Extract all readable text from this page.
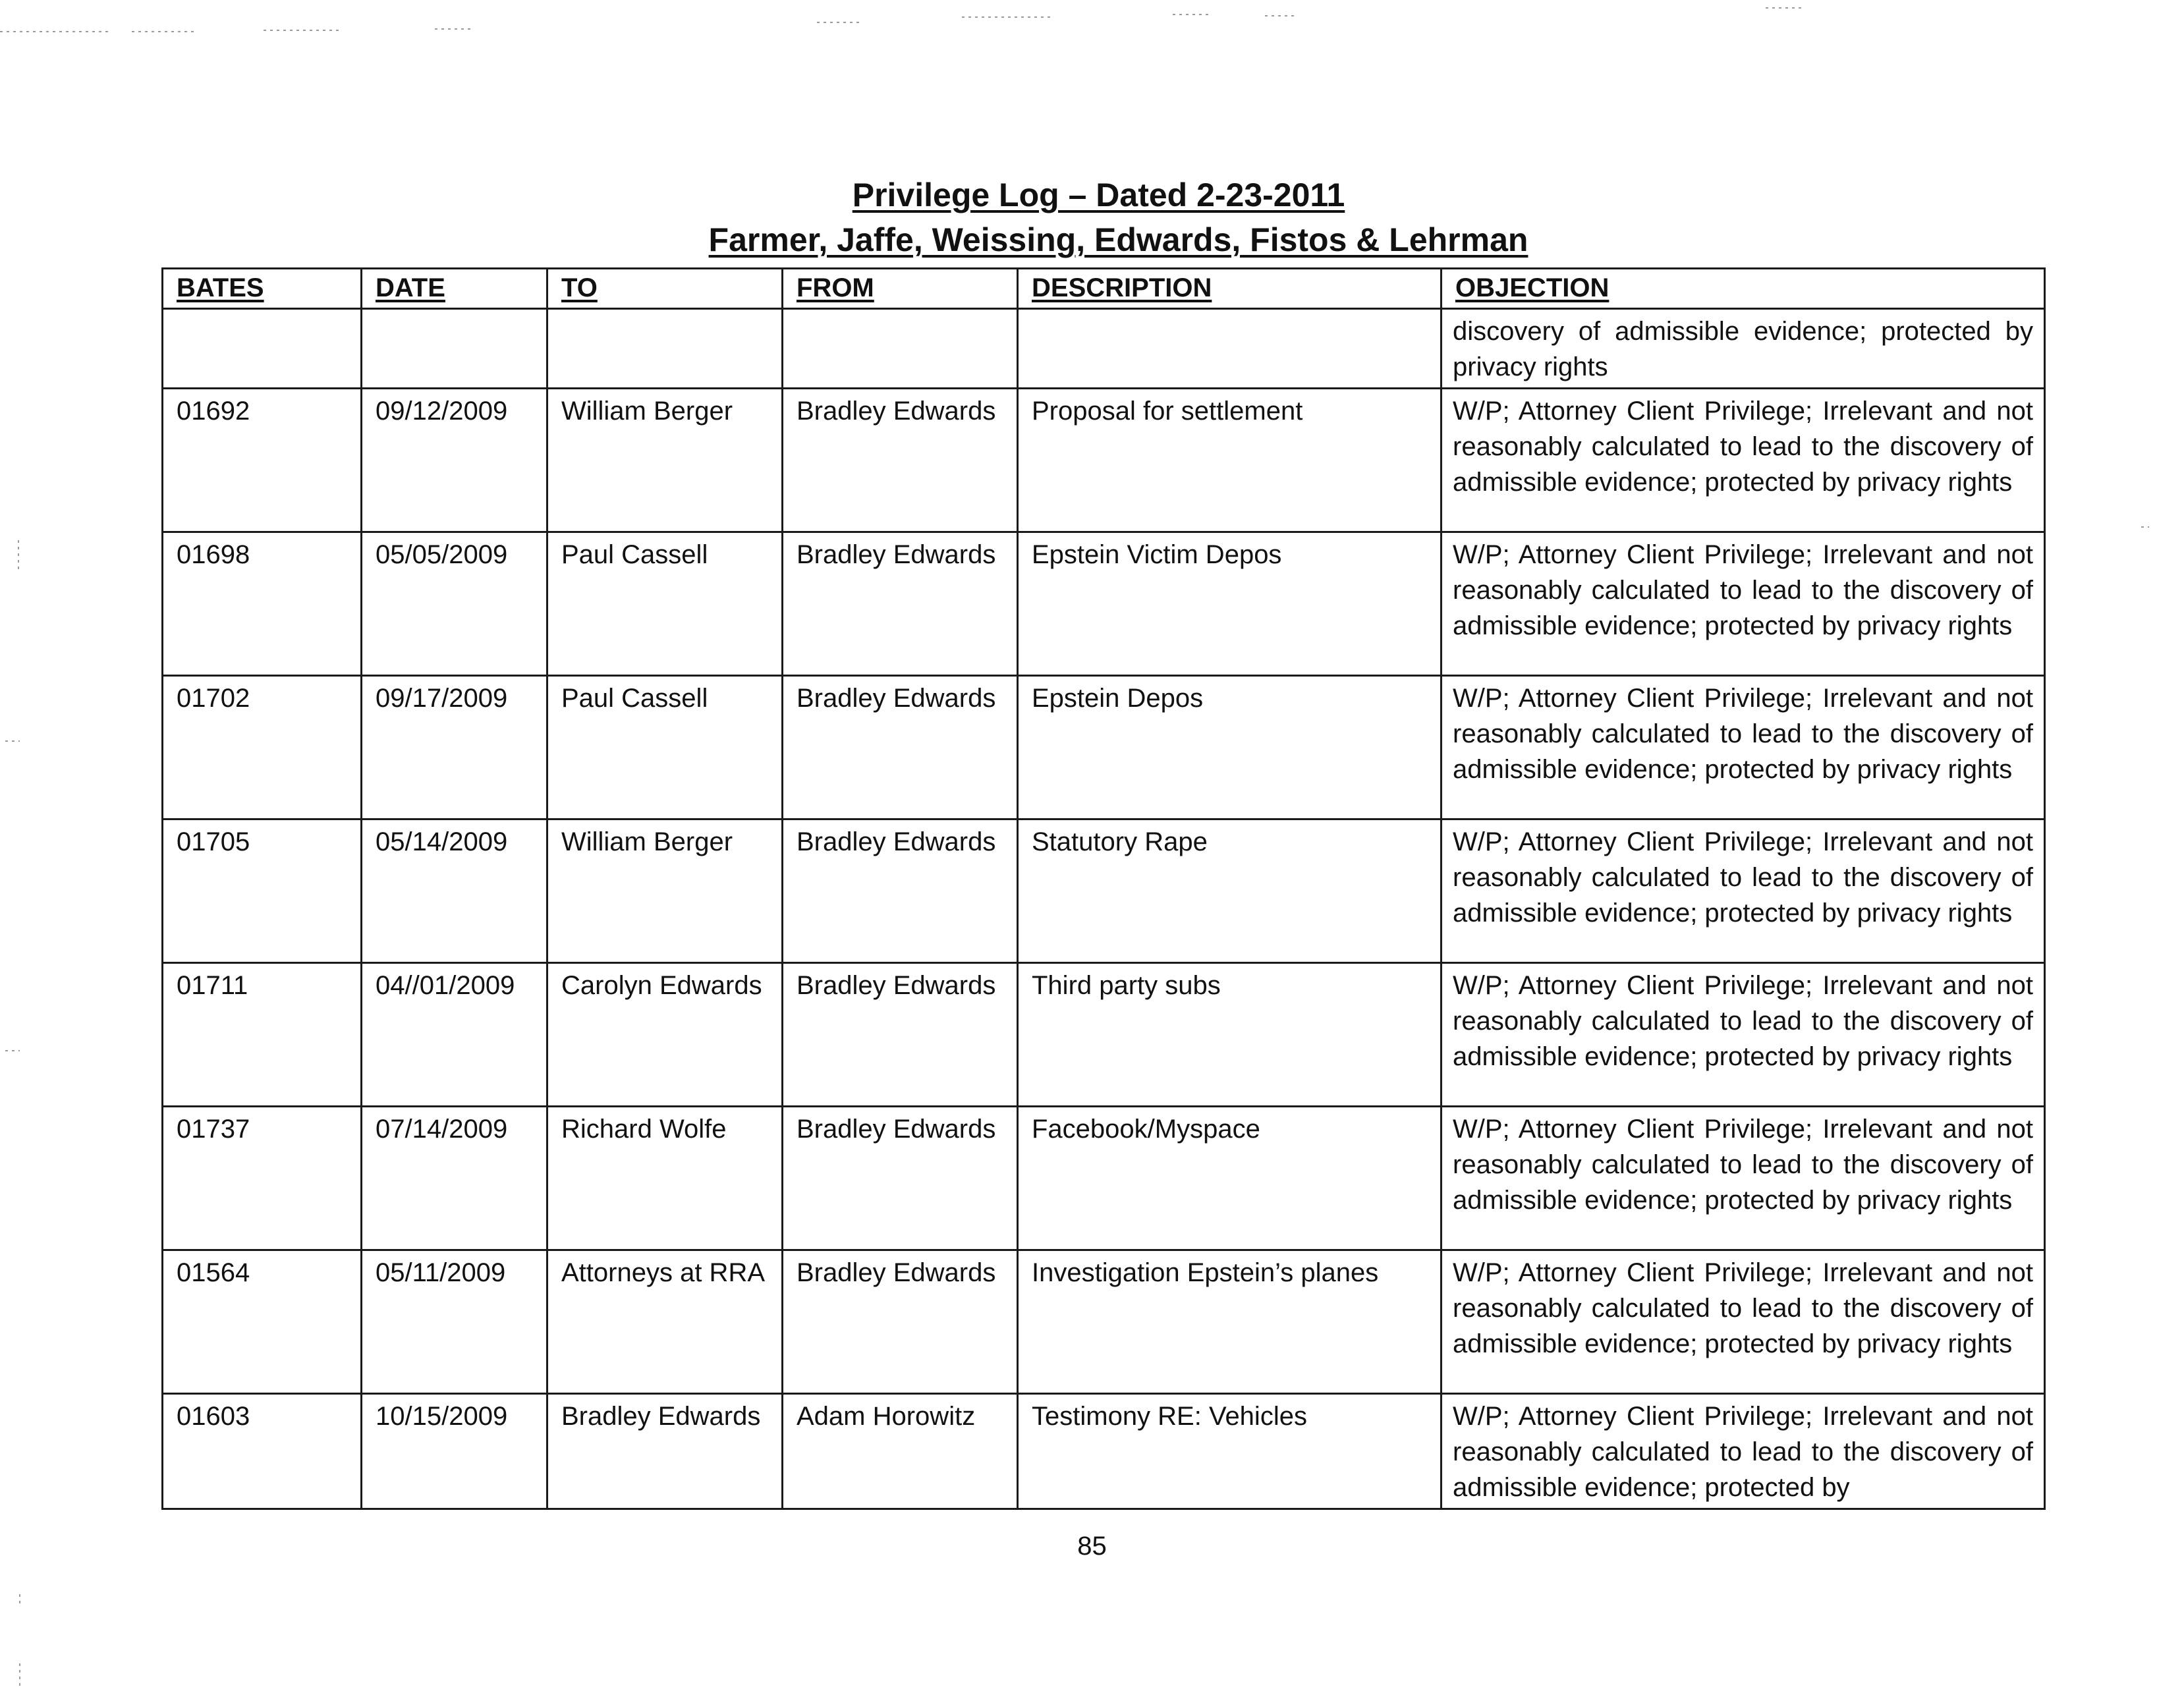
Privilege Log – Dated 2-23-2011
Farmer, Jaffe, Weissing, Edwards, Fistos & Lehrman
BATES	DATE	TO	FROM	DESCRIPTION	OBJECTION
					discovery of admissible evidence; protected by privacy rights
01692	09/12/2009	William Berger	Bradley Edwards	Proposal for settlement	W/P; Attorney Client Privilege; Irrelevant and not reasonably calculated to lead to the discovery of admissible evidence; protected by privacy rights
01698	05/05/2009	Paul Cassell	Bradley Edwards	Epstein Victim Depos	W/P; Attorney Client Privilege; Irrelevant and not reasonably calculated to lead to the discovery of admissible evidence; protected by privacy rights
01702	09/17/2009	Paul Cassell	Bradley Edwards	Epstein Depos	W/P; Attorney Client Privilege; Irrelevant and not reasonably calculated to lead to the discovery of admissible evidence; protected by privacy rights
01705	05/14/2009	William Berger	Bradley Edwards	Statutory Rape	W/P; Attorney Client Privilege; Irrelevant and not reasonably calculated to lead to the discovery of admissible evidence; protected by privacy rights
01711	04//01/2009	Carolyn Edwards	Bradley Edwards	Third party subs	W/P; Attorney Client Privilege; Irrelevant and not reasonably calculated to lead to the discovery of admissible evidence; protected by privacy rights
01737	07/14/2009	Richard Wolfe	Bradley Edwards	Facebook/Myspace	W/P; Attorney Client Privilege; Irrelevant and not reasonably calculated to lead to the discovery of admissible evidence; protected by privacy rights
01564	05/11/2009	Attorneys at RRA	Bradley Edwards	Investigation Epstein’s planes	W/P; Attorney Client Privilege; Irrelevant and not reasonably calculated to lead to the discovery of admissible evidence; protected by privacy rights
01603	10/15/2009	Bradley Edwards	Adam Horowitz	Testimony RE: Vehicles	W/P; Attorney Client Privilege; Irrelevant and not reasonably calculated to lead to the discovery of admissible evidence; protected by
85
